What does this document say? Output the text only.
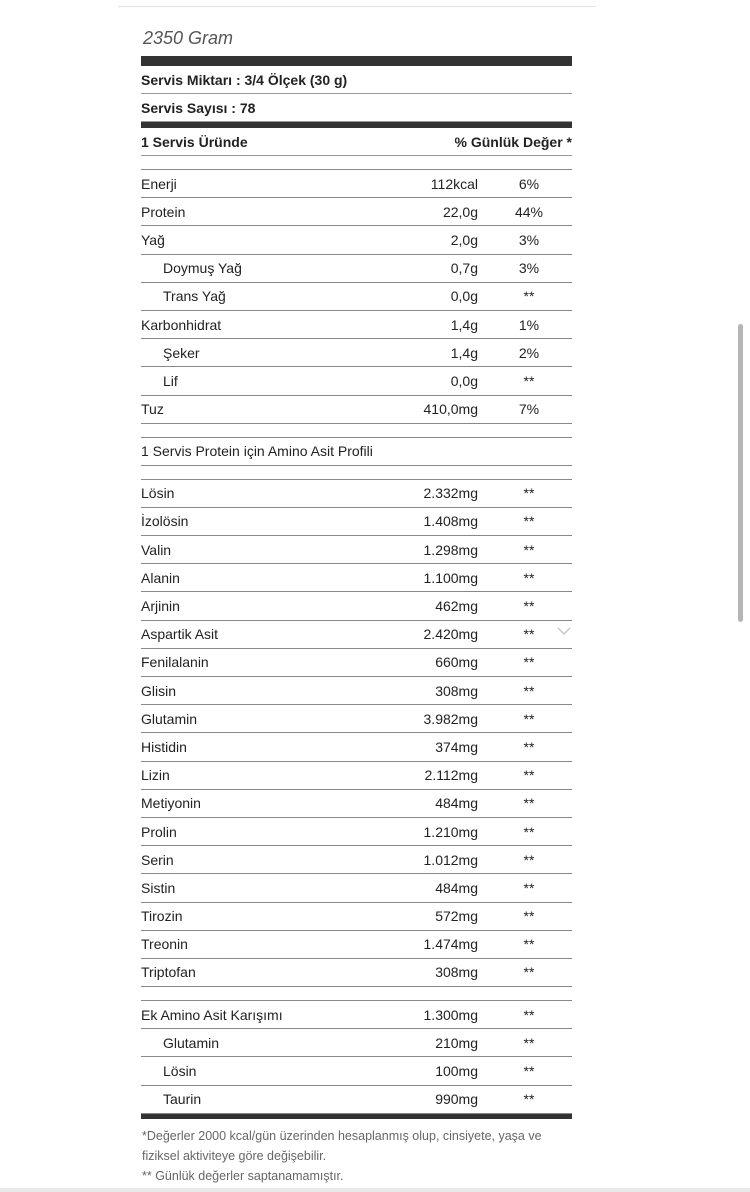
2350 Gram
Servis Miktarı : 3/4 Ölçek (30 g)
Servis Sayısı : 78
1 Servis Üründe	% Günlük Değer *
Enerji	112kcal	6%
Protein	22,0g	44%
Yağ	2,0g	3%
Doymuş Yağ	0,7g	3%
Trans Yağ	0,0g	**
Karbonhidrat	1,4g	1%
Şeker	1,4g	2%
Lif	0,0g	**
Tuz	410,0mg	7%
1 Servis Protein için Amino Asit Profili
Lösin	2.332mg	**
İzolösin	1.408mg	**
Valin	1.298mg	**
Alanin	1.100mg	**
Arjinin	462mg	**
Aspartik Asit	2.420mg	**
Fenilalanin	660mg	**
Glisin	308mg	**
Glutamin	3.982mg	**
Histidin	374mg	**
Lizin	2.112mg	**
Metiyonin	484mg	**
Prolin	1.210mg	**
Serin	1.012mg	**
Sistin	484mg	**
Tirozin	572mg	**
Treonin	1.474mg	**
Triptofan	308mg	**
Ek Amino Asit Karışımı	1.300mg	**
Glutamin	210mg	**
Lösin	100mg	**
Taurin	990mg	**
*Değerler 2000 kcal/gün üzerinden hesaplanmış olup, cinsiyete, yaşa ve fiziksel aktiviteye göre değişebilir.
** Günlük değerler saptanamamıştır.
